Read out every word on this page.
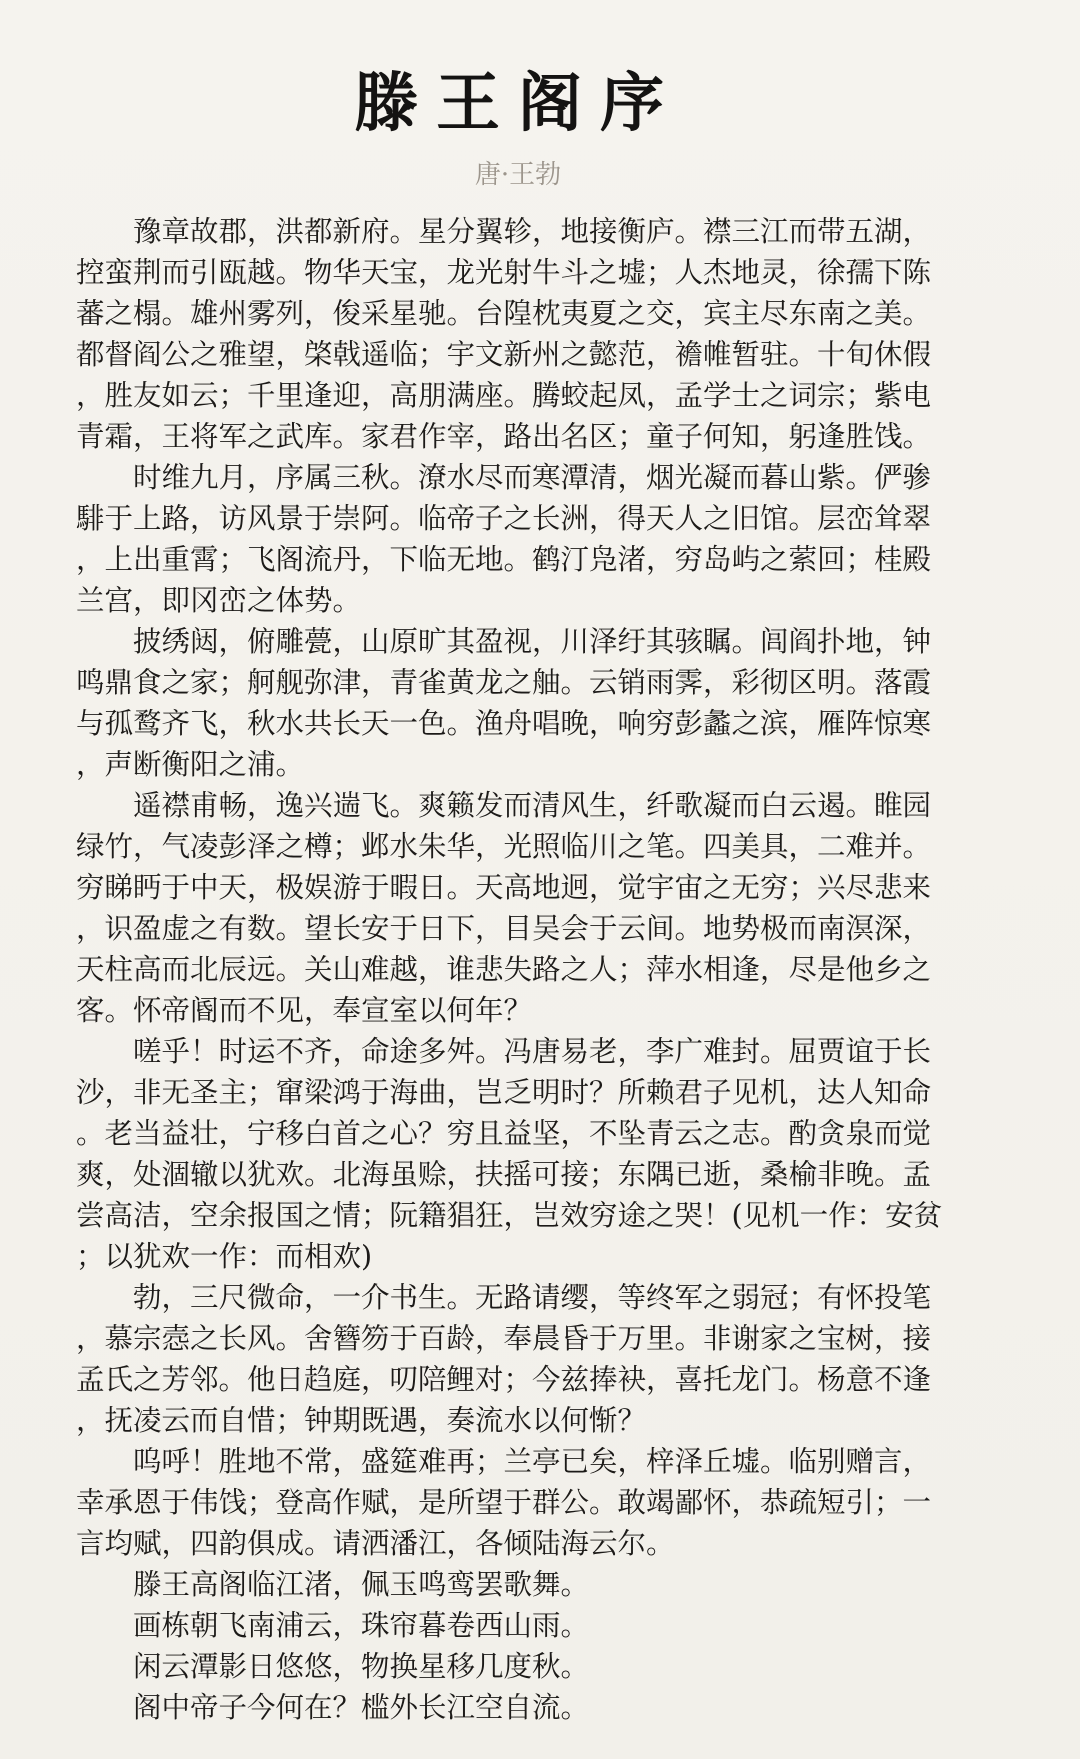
滕王阁序
唐·王勃
豫章故郡，洪都新府。星分翼轸，地接衡庐。襟三江而带五湖，
控蛮荆而引瓯越。物华天宝，龙光射牛斗之墟；人杰地灵，徐孺下陈
蕃之榻。雄州雾列，俊采星驰。台隍枕夷夏之交，宾主尽东南之美。
都督阎公之雅望，棨戟遥临；宇文新州之懿范，襜帷暂驻。十旬休假
，胜友如云；千里逢迎，高朋满座。腾蛟起凤，孟学士之词宗；紫电
青霜，王将军之武库。家君作宰，路出名区；童子何知，躬逢胜饯。
时维九月，序属三秋。潦水尽而寒潭清，烟光凝而暮山紫。俨骖
騑于上路，访风景于崇阿。临帝子之长洲，得天人之旧馆。层峦耸翠
，上出重霄；飞阁流丹，下临无地。鹤汀凫渚，穷岛屿之萦回；桂殿
兰宫，即冈峦之体势。
披绣闼，俯雕甍，山原旷其盈视，川泽纡其骇瞩。闾阎扑地，钟
鸣鼎食之家；舸舰弥津，青雀黄龙之舳。云销雨霁，彩彻区明。落霞
与孤鹜齐飞，秋水共长天一色。渔舟唱晚，响穷彭蠡之滨，雁阵惊寒
，声断衡阳之浦。
遥襟甫畅，逸兴遄飞。爽籁发而清风生，纤歌凝而白云遏。睢园
绿竹，气凌彭泽之樽；邺水朱华，光照临川之笔。四美具，二难并。
穷睇眄于中天，极娱游于暇日。天高地迥，觉宇宙之无穷；兴尽悲来
，识盈虚之有数。望长安于日下，目吴会于云间。地势极而南溟深，
天柱高而北辰远。关山难越，谁悲失路之人；萍水相逢，尽是他乡之
客。怀帝阍而不见，奉宣室以何年？
嗟乎！时运不齐，命途多舛。冯唐易老，李广难封。屈贾谊于长
沙，非无圣主；窜梁鸿于海曲，岂乏明时？所赖君子见机，达人知命
。老当益壮，宁移白首之心？穷且益坚，不坠青云之志。酌贪泉而觉
爽，处涸辙以犹欢。北海虽赊，扶摇可接；东隅已逝，桑榆非晚。孟
尝高洁，空余报国之情；阮籍猖狂，岂效穷途之哭！(见机一作：安贫
；以犹欢一作：而相欢)
勃，三尺微命，一介书生。无路请缨，等终军之弱冠；有怀投笔
，慕宗悫之长风。舍簪笏于百龄，奉晨昏于万里。非谢家之宝树，接
孟氏之芳邻。他日趋庭，叨陪鲤对；今兹捧袂，喜托龙门。杨意不逢
，抚凌云而自惜；钟期既遇，奏流水以何惭？
呜呼！胜地不常，盛筵难再；兰亭已矣，梓泽丘墟。临别赠言，
幸承恩于伟饯；登高作赋，是所望于群公。敢竭鄙怀，恭疏短引；一
言均赋，四韵俱成。请洒潘江，各倾陆海云尔。
滕王高阁临江渚，佩玉鸣鸾罢歌舞。
画栋朝飞南浦云，珠帘暮卷西山雨。
闲云潭影日悠悠，物换星移几度秋。
阁中帝子今何在？槛外长江空自流。
